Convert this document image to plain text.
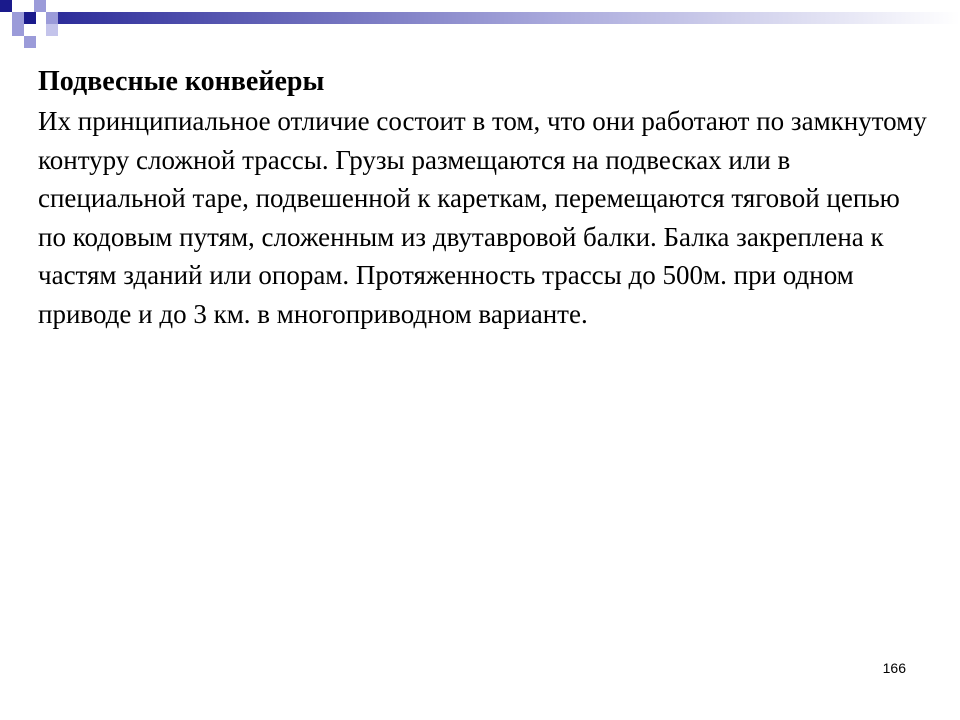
Подвесные конвейеры

Их принципиальное отличие состоит в том, что они работают по замкнутому контуру сложной трассы. Грузы размещаются на подвесках или в специальной таре, подвешенной к кареткам, перемещаются тяговой цепью по кодовым путям, сложенным из двутавровой балки. Балка закреплена к частям зданий или опорам. Протяженность трассы до 500м. при одном приводе и до 3 км. в многоприводном варианте.

166
